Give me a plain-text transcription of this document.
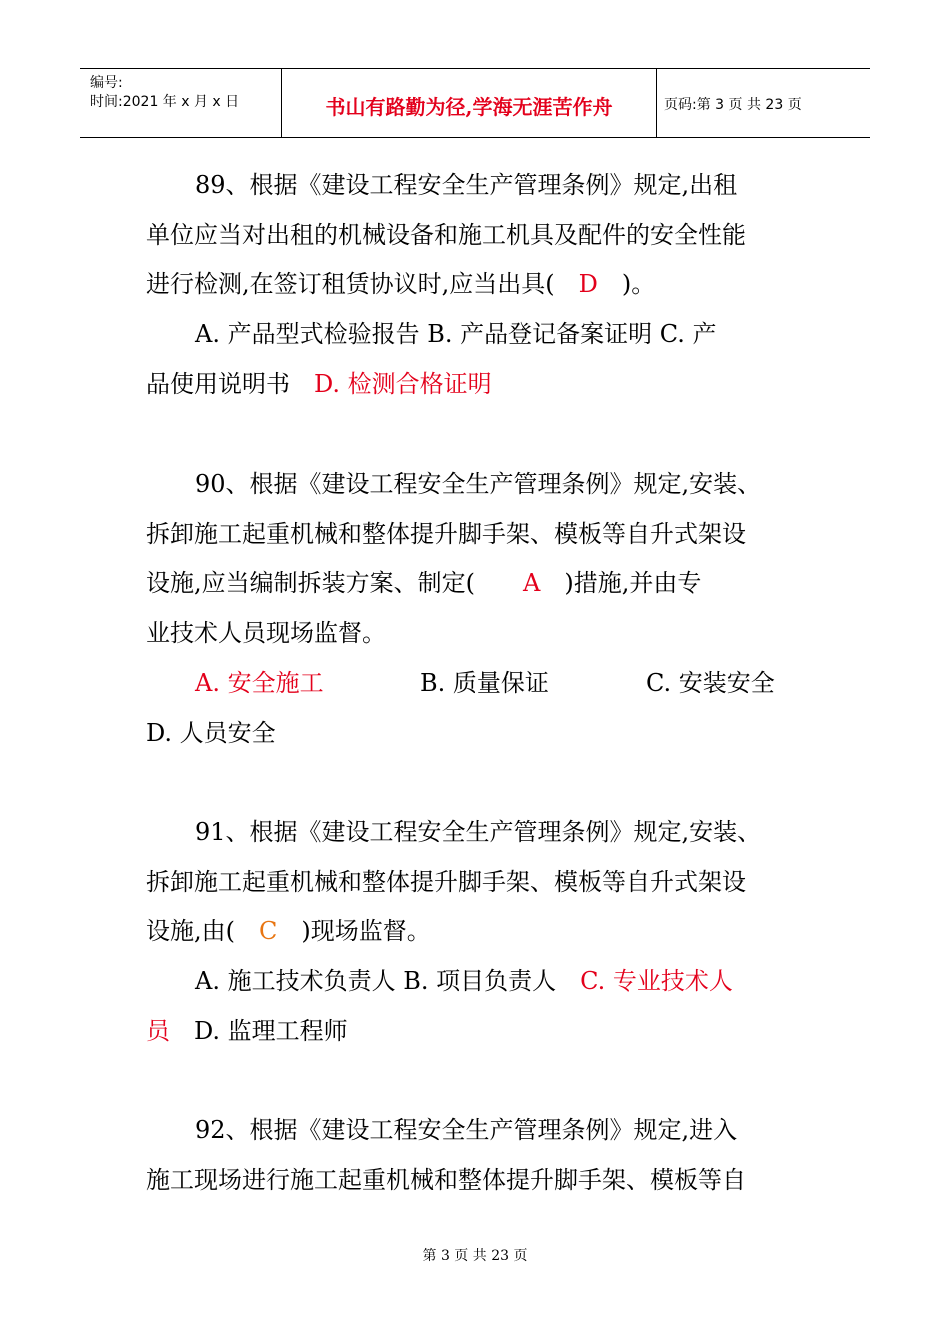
编号:
时间:2021 年 x 月 x 日	书山有路勤为径,学海无涯苦作舟	页码:第 3 页 共 23 页
89、根据《建设工程安全生产管理条例》规定,出租
单位应当对出租的机械设备和施工机具及配件的安全性能
进行检测,在签订租赁协议时,应当出具(　 D　 )。
A. 产品型式检验报告 B. 产品登记备案证明 C. 产
品使用说明书　 D. 检测合格证明
90、根据《建设工程安全生产管理条例》规定,安装、
拆卸施工起重机械和整体提升脚手架、模板等自升式架设
设施,应当编制拆装方案、制定(　　 A　 )措施,并由专
业技术人员现场监督。
A. 安全施工	B. 质量保证	C. 安装安全
D. 人员安全
91、根据《建设工程安全生产管理条例》规定,安装、
拆卸施工起重机械和整体提升脚手架、模板等自升式架设
设施,由(　 C　 )现场监督。
A. 施工技术负责人 B. 项目负责人　 C. 专业技术人
员　 D. 监理工程师
92、根据《建设工程安全生产管理条例》规定,进入
施工现场进行施工起重机械和整体提升脚手架、模板等自
第 3 页 共 23 页
